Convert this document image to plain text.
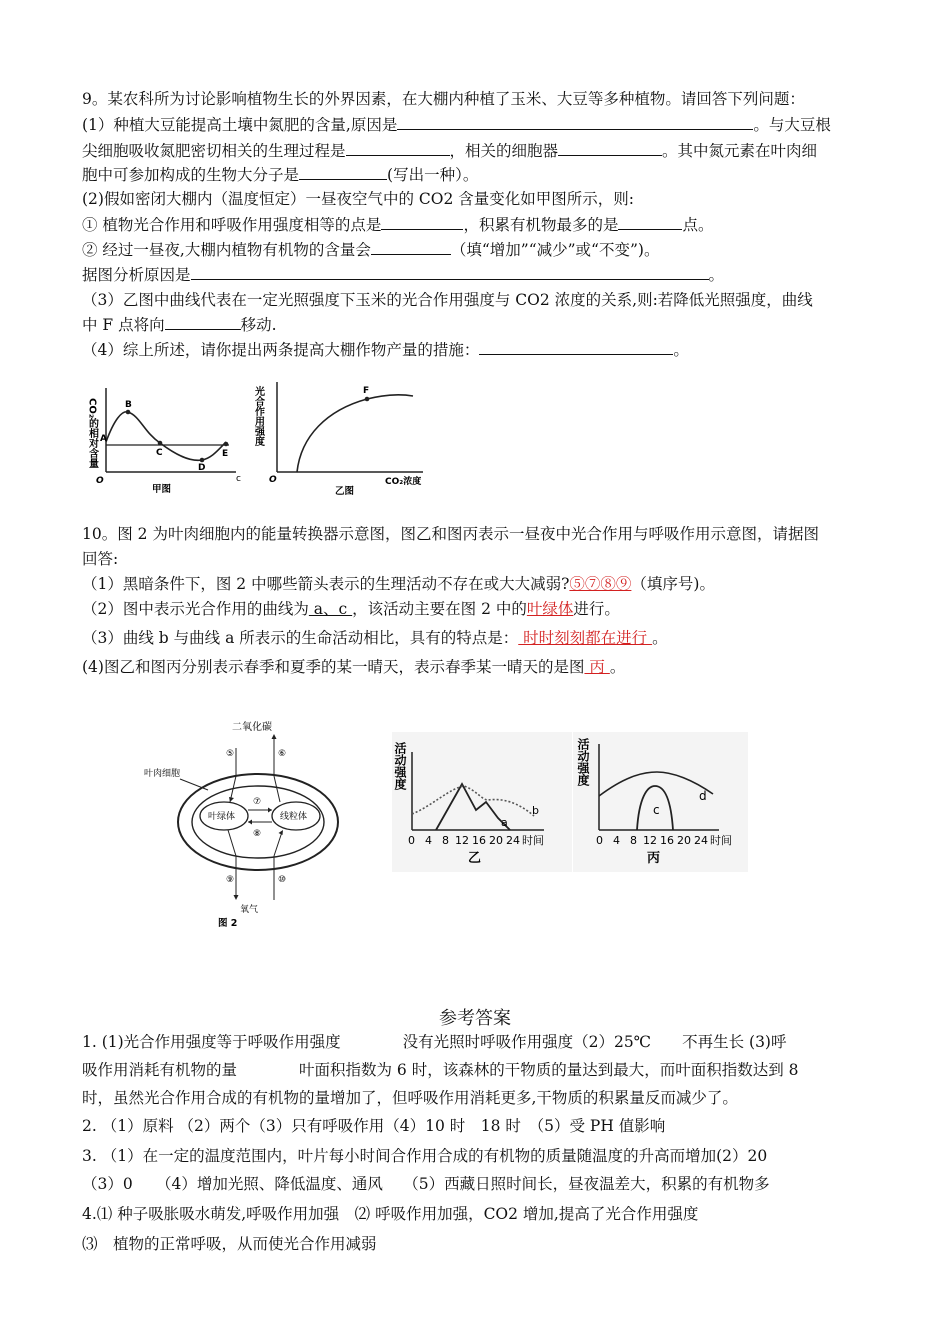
9。某农科所为讨论影响植物生长的外界因素，在大棚内种植了玉米、大豆等多种植物。请回答下列问题：
(1）种植大豆能提高土壤中氮肥的含量,原因是	。与大豆根
尖细胞吸收氮肥密切相关的生理过程是	，相关的细胞器	。其中氮元素在叶肉细
胞中可参加构成的生物大分子是	(写出一种）。
(2)假如密闭大棚内（温度恒定）一昼夜空气中的 CO2 含量变化如甲图所示，则:
① 植物光合作用和呼吸作用强度相等的点是	，积累有机物最多的是	点。
② 经过一昼夜,大棚内植物有机物的含量会	（填“增加”“减少”或“不变”)。
据图分析原因是	。
（3）乙图中曲线代表在一定光照强度下玉米的光合作用强度与 CO2 浓度的关系,则:若降低光照强度，曲线
中 F 点将向	移动.
（4）综上所述，请你提出两条提高大棚作物产量的措施：	。
CO₂的相对含量 A
B
C
D
E
O	c
甲图
光合作用强度	F
O	CO₂浓度
乙图
10。图 2 为叶肉细胞内的能量转换器示意图，图乙和图丙表示一昼夜中光合作用与呼吸作用示意图，请据图
回答:
（1）黑暗条件下，图 2 中哪些箭头表示的生理活动不存在或大大减弱?⑤⑦⑧⑨（填序号)。
（2）图中表示光合作用的曲线为 a、c ，该活动主要在图 2 中的叶绿体进行。
（3）曲线 b 与曲线 a 所表示的生命活动相比，具有的特点是： 时时刻刻都在进行 。
(4)图乙和图丙分别表示春季和夏季的某一晴天，表示春季某一晴天的是图 丙 。
二氧化碳
叶肉细胞
叶绿体	线粒体
⑦
⑧
⑤	⑥
⑨	⑩
氧气
图 2
活动强度
a
b
0 4 8 12 16 20 24 时间
乙
活动强度
c
d
0 4 8 12 16 20 24 时间
丙
参考答案
1. (1)光合作用强度等于呼吸作用强度　　　　没有光照时呼吸作用强度（2）25℃　　不再生长 (3)呼
吸作用消耗有机物的量　　　　叶面积指数为 6 时，该森林的干物质的量达到最大，而叶面积指数达到 8
时，虽然光合作用合成的有机物的量增加了，但呼吸作用消耗更多,干物质的积累量反而减少了。
2. （1）原料 （2）两个（3）只有呼吸作用（4）10 时　18 时　（5）受 PH 值影响
3. （1）在一定的温度范围内，叶片每小时间合作用合成的有机物的质量随温度的升高而增加(2）20
（3）0　　（4）增加光照、降低温度、通风　 （5）西藏日照时间长，昼夜温差大，积累的有机物多
4.⑴ 种子吸胀吸水萌发,呼吸作用加强　⑵ 呼吸作用加强，CO2 增加,提高了光合作用强度
⑶　植物的正常呼吸，从而使光合作用减弱
